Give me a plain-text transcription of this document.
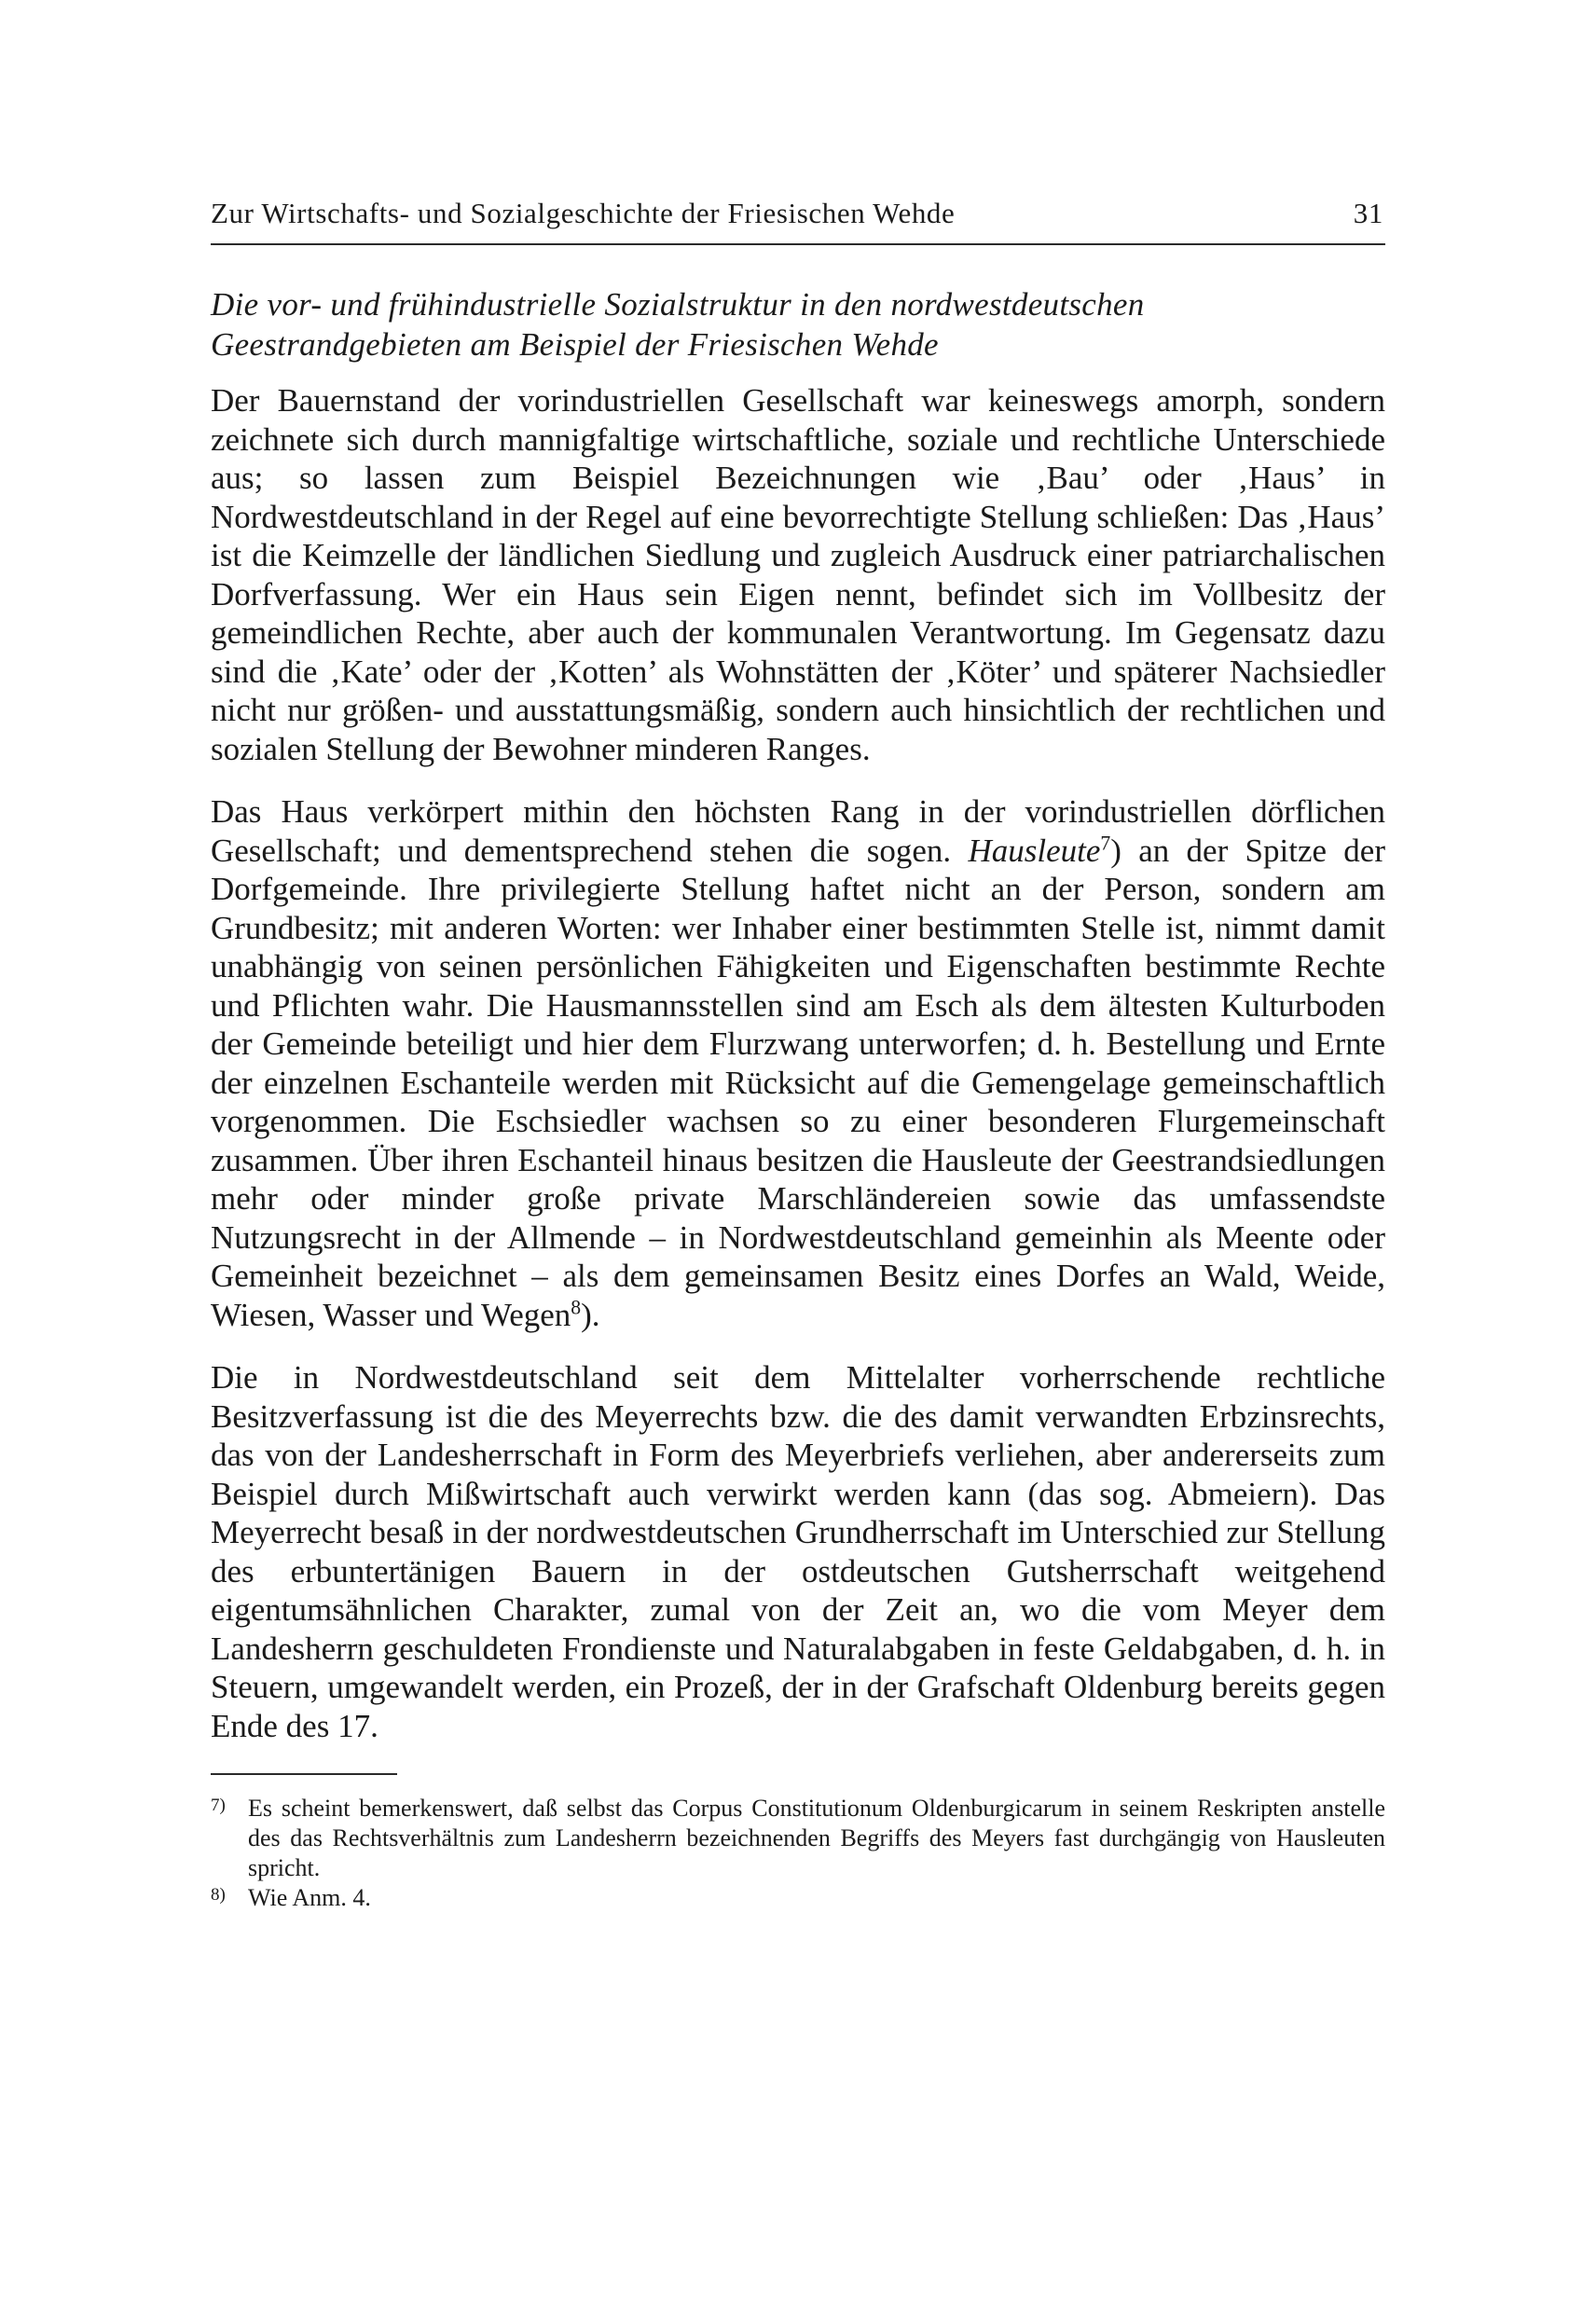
Zur Wirtschafts- und Sozialgeschichte der Friesischen Wehde	31
Die vor- und frühindustrielle Sozialstruktur in den nordwestdeutschen Geestrandgebieten am Beispiel der Friesischen Wehde

Der Bauernstand der vorindustriellen Gesellschaft war keineswegs amorph, sondern zeichnete sich durch mannigfaltige wirtschaftliche, soziale und rechtliche Unterschiede aus; so lassen zum Beispiel Bezeichnungen wie ‚Bau’ oder ‚Haus’ in Nordwestdeutschland in der Regel auf eine bevorrechtigte Stellung schließen: Das ‚Haus’ ist die Keimzelle der ländlichen Siedlung und zugleich Ausdruck einer patriarchalischen Dorfverfassung. Wer ein Haus sein Eigen nennt, befindet sich im Vollbesitz der gemeindlichen Rechte, aber auch der kommunalen Verantwortung. Im Gegensatz dazu sind die ‚Kate’ oder der ‚Kotten’ als Wohnstätten der ‚Köter’ und späterer Nachsiedler nicht nur größen- und ausstattungsmäßig, sondern auch hinsichtlich der rechtlichen und sozialen Stellung der Bewohner minderen Ranges.

Das Haus verkörpert mithin den höchsten Rang in der vorindustriellen dörflichen Gesellschaft; und dementsprechend stehen die sogen. Hausleute$^7$) an der Spitze der Dorfgemeinde. Ihre privilegierte Stellung haftet nicht an der Person, sondern am Grundbesitz; mit anderen Worten: wer Inhaber einer bestimmten Stelle ist, nimmt damit unabhängig von seinen persönlichen Fähigkeiten und Eigenschaften bestimmte Rechte und Pflichten wahr. Die Hausmannsstellen sind am Esch als dem ältesten Kulturboden der Gemeinde beteiligt und hier dem Flurzwang unterworfen; d. h. Bestellung und Ernte der einzelnen Eschanteile werden mit Rücksicht auf die Gemengelage gemeinschaftlich vorgenommen. Die Eschsiedler wachsen so zu einer besonderen Flurgemeinschaft zusammen. Über ihren Eschanteil hinaus besitzen die Hausleute der Geestrandsiedlungen mehr oder minder große private Marschländereien sowie das umfassendste Nutzungsrecht in der Allmende – in Nordwestdeutschland gemeinhin als Meente oder Gemeinheit bezeichnet – als dem gemeinsamen Besitz eines Dorfes an Wald, Weide, Wiesen, Wasser und Wegen$^8$).

Die in Nordwestdeutschland seit dem Mittelalter vorherrschende rechtliche Besitzverfassung ist die des Meyerrechts bzw. die des damit verwandten Erbzinsrechts, das von der Landesherrschaft in Form des Meyerbriefs verliehen, aber andererseits zum Beispiel durch Mißwirtschaft auch verwirkt werden kann (das sog. Abmeiern). Das Meyerrecht besaß in der nordwestdeutschen Grundherrschaft im Unterschied zur Stellung des erbuntertänigen Bauern in der ostdeutschen Gutsherrschaft weitgehend eigentumsähnlichen Charakter, zumal von der Zeit an, wo die vom Meyer dem Landesherrn geschuldeten Frondienste und Naturalabgaben in feste Geldabgaben, d. h. in Steuern, umgewandelt werden, ein Prozeß, der in der Grafschaft Oldenburg bereits gegen Ende des 17.

7) Es scheint bemerkenswert, daß selbst das Corpus Constitutionum Oldenburgicarum in seinem Reskripten anstelle des das Rechtsverhältnis zum Landesherrn bezeichnenden Begriffs des Meyers fast durchgängig von Hausleuten spricht.
8) Wie Anm. 4.
